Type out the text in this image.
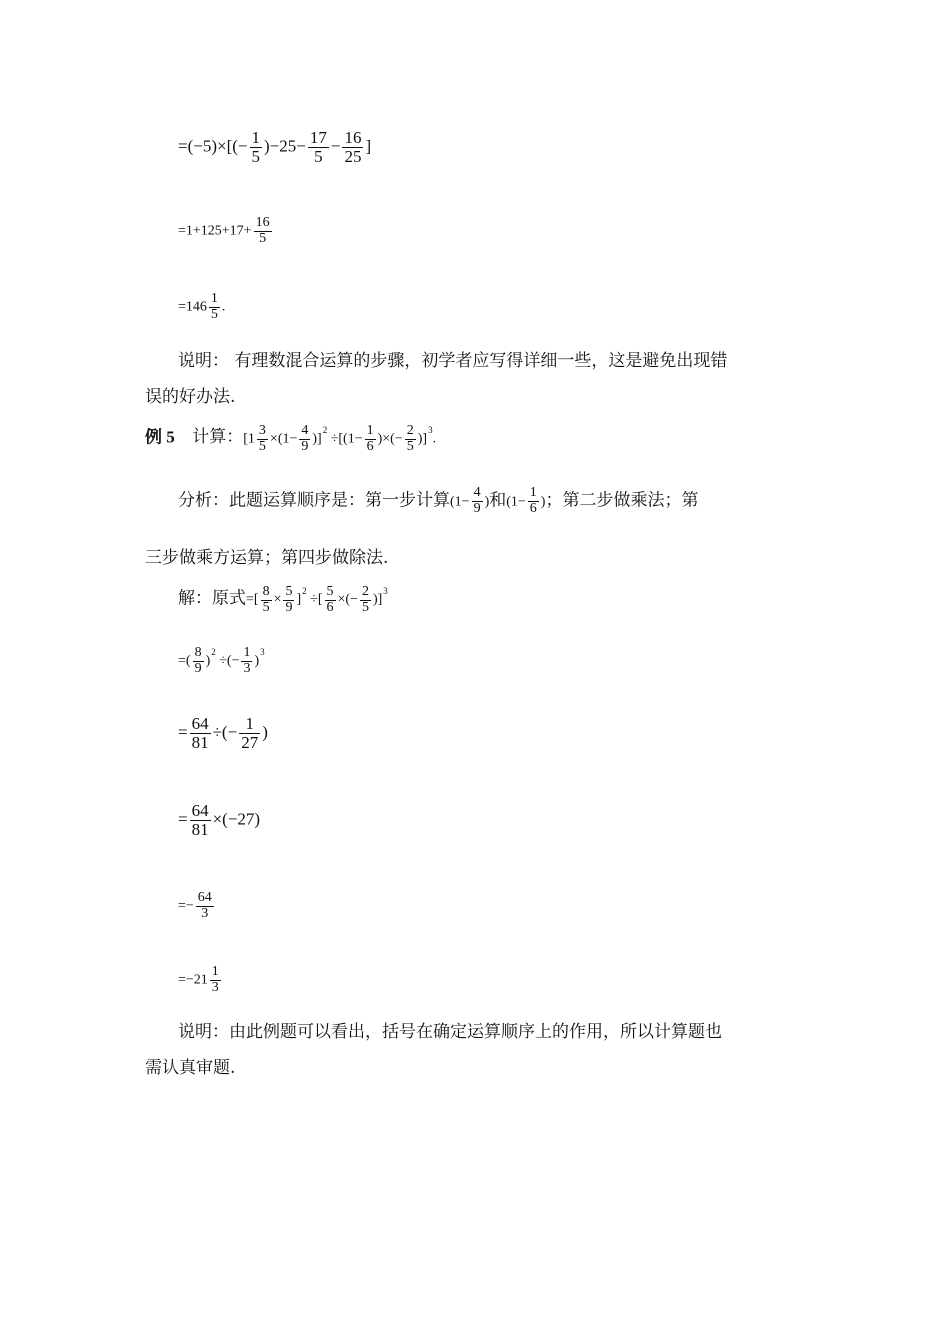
$=(-5)\times[(- \frac{1}{5} )-25- \frac{17}{5} - \frac{16}{25}$ ]
$=1+125+17+ \frac{16}{5}$
$=146 \frac{1}{5}$ .
说明： 有理数混合运算的步骤，初学者应写得详细一些，这是避免出现错
误的好办法.
例 5 计算：$[1 \frac{3}{5} \times(1- \frac{4}{9} )]^2 \div[(1- \frac{1}{6}$ )×(− $\frac{2}{5} )]^3$.
分析：此题运算顺序是：第一步计算($1- \frac{4}{9}$ )和($1- \frac{1}{6}$ )；第二步做乘法；第
三步做乘方运算；第四步做除法.
解：原式=[ $\frac{8}{5} \times \frac{5}{9} ]^2$ ÷[ $\frac{5}{6}$ ×(− $\frac{2}{5} )]^3$
=( $\frac{8}{9} )^2$ ÷(− $\frac{1}{3} )^3$
= $\frac{64}{81}$ ÷(− $\frac{1}{27}$ )
= $\frac{64}{81} \times(-27)$
=− $\frac{64}{3}$
$=-21 \frac{1}{3}$
说明：由此例题可以看出，括号在确定运算顺序上的作用，所以计算题也
需认真审题.
